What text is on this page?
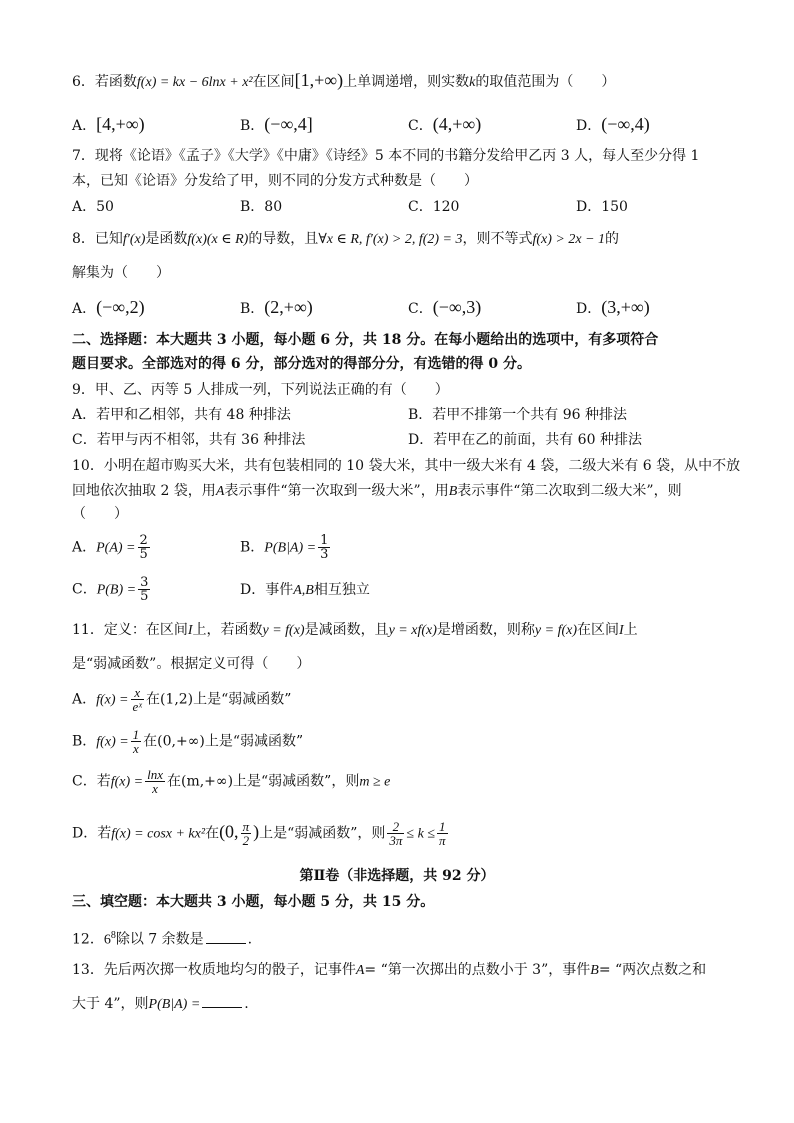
6．若函数f(x) = kx − 6lnx + x²在区间[1,+∞)上单调递增，则实数k的取值范围为（　　）
A．[4,+∞)	B．(−∞,4]	C．(4,+∞)	D．(−∞,4)
7．现将《论语》《孟子》《大学》《中庸》《诗经》5 本不同的书籍分发给甲乙丙 3 人，每人至少分得 1
本，已知《论语》分发给了甲，则不同的分发方式种数是（　　）
A．50	B．80	C．120	D．150
8．已知f′(x)是函数f(x)(x ∈ R)的导数，且∀x ∈ R, f′(x) > 2, f(2) = 3，则不等式f(x) > 2x − 1的
解集为（　　）
A．(−∞,2)	B．(2,+∞)	C．(−∞,3)	D．(3,+∞)
二、选择题：本大题共 3 小题，每小题 6 分，共 18 分。在每小题给出的选项中，有多项符合
题目要求。全部选对的得 6 分，部分选对的得部分分，有选错的得 0 分。
9．甲、乙、丙等 5 人排成一列，下列说法正确的有（　　）
A．若甲和乙相邻，共有 48 种排法	B．若甲不排第一个共有 96 种排法
C．若甲与丙不相邻，共有 36 种排法	D．若甲在乙的前面，共有 60 种排法
10．小明在超市购买大米，共有包装相同的 10 袋大米，其中一级大米有 4 袋，二级大米有 6 袋，从中不放
回地依次抽取 2 袋，用A表示事件“第一次取到一级大米”，用B表示事件“第二次取到二级大米”，则
（　　）
A．$P(A) = \frac{2}{5}$	B．$P(B|A) = \frac{1}{3}$
C．$P(B) = \frac{3}{5}$	D．事件A,B相互独立
11．定义：在区间I上，若函数y = f(x)是减函数，且y = xf(x)是增函数，则称y = f(x)在区间I上
是“弱减函数”。根据定义可得（　　）
A．$f(x) = \frac{x}{\text{eˣ}}$ 在(1,2)上是“弱减函数”
B．$f(x) = \frac{1}{x}$ 在(0,+∞)上是“弱减函数”
C．若$f(x) = \frac{\ln x}{x}$ 在(m,+∞)上是“弱减函数”，则m ≥ e
D．若f(x) = cosx + kx²在(0, $\frac{\pi}{2}$ )上是“弱减函数”，则 $\frac{2}{3\pi} \le k \le \frac{1}{\pi}$
第Ⅱ卷（非选择题，共 92 分）
三、填空题：本大题共 3 小题，每小题 5 分，共 15 分。
12．$6^8$除以 7 余数是	.
13．先后两次掷一枚质地均匀的骰子，记事件A= “第一次掷出的点数小于 3”，事件B= “两次点数之和
大于 4”，则P(B|A) =	.
